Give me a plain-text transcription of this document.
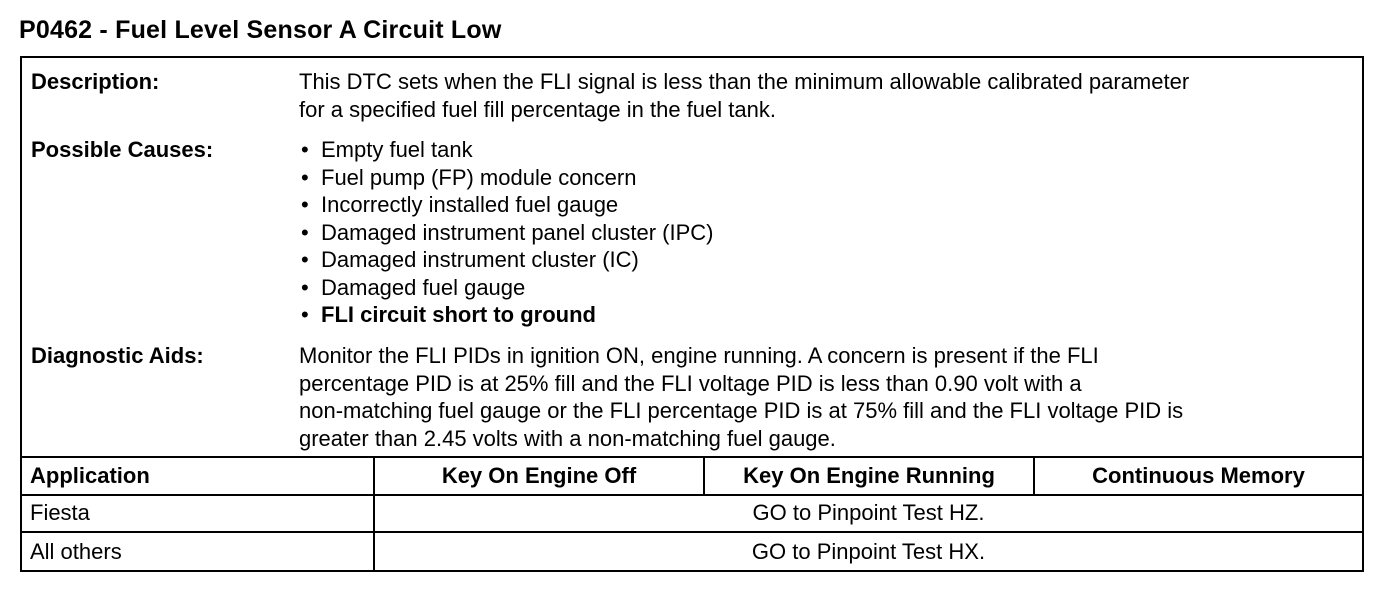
P0462 - Fuel Level Sensor A Circuit Low
Description:	This DTC sets when the FLI signal is less than the minimum allowable calibrated parameter
for a specified fuel fill percentage in the fuel tank.
Possible Causes:	• Empty fuel tank
• Fuel pump (FP) module concern
• Incorrectly installed fuel gauge
• Damaged instrument panel cluster (IPC)
• Damaged instrument cluster (IC)
• Damaged fuel gauge
• FLI circuit short to ground
Diagnostic Aids:	Monitor the FLI PIDs in ignition ON, engine running. A concern is present if the FLI
percentage PID is at 25% fill and the FLI voltage PID is less than 0.90 volt with a
non-matching fuel gauge or the FLI percentage PID is at 75% fill and the FLI voltage PID is
greater than 2.45 volts with a non-matching fuel gauge.
Application	Key On Engine Off	Key On Engine Running	Continuous Memory
Fiesta	GO to Pinpoint Test HZ.		
All others	GO to Pinpoint Test HX.		
